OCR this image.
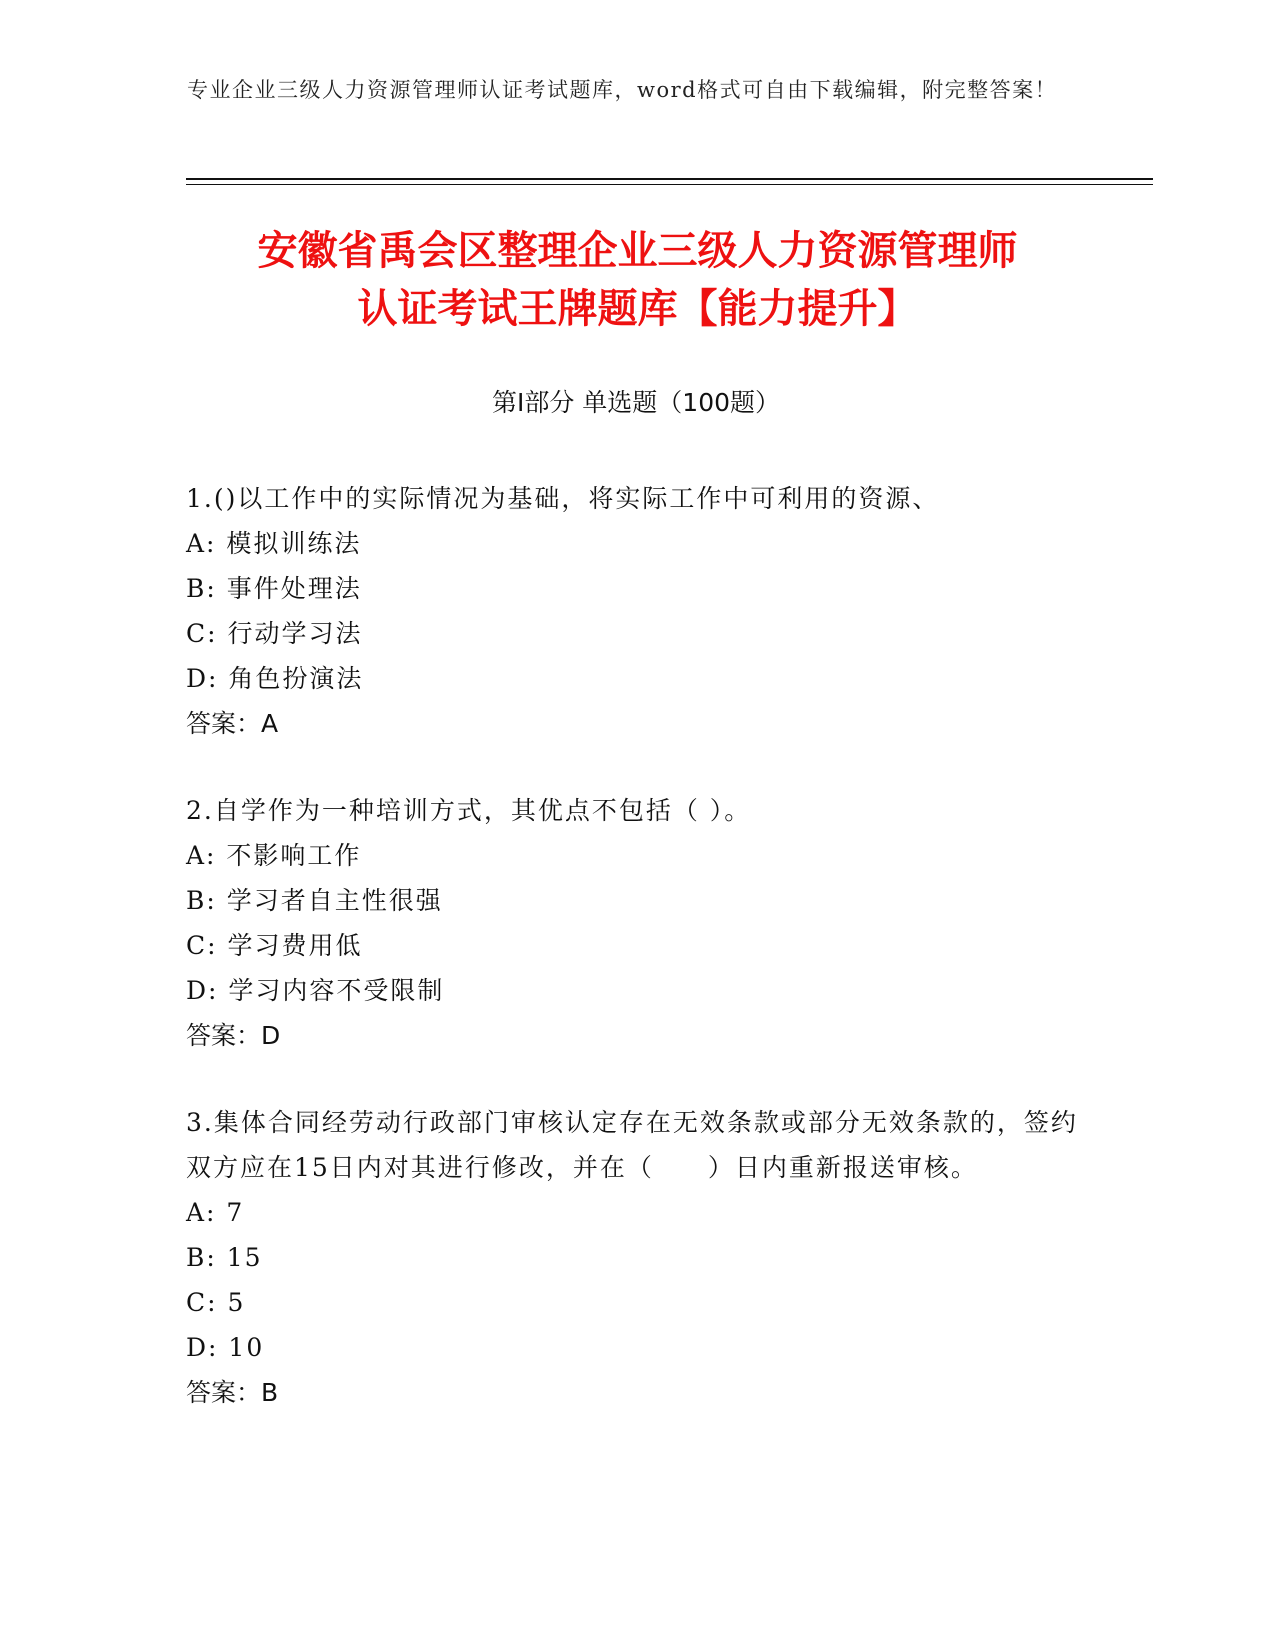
专业企业三级人力资源管理师认证考试题库，word格式可自由下载编辑，附完整答案！
安徽省禹会区整理企业三级人力资源管理师
认证考试王牌题库【能力提升】
第Ⅰ部分 单选题（100题）

1.()以工作中的实际情况为基础，将实际工作中可利用的资源、

A: 模拟训练法

B: 事件处理法

C: 行动学习法

D: 角色扮演法

答案：A

2.自学作为一种培训方式，其优点不包括（ ）。

A: 不影响工作

B: 学习者自主性很强

C: 学习费用低

D: 学习内容不受限制

答案：D

3.集体合同经劳动行政部门审核认定存在无效条款或部分无效条款的，签约双方应在15日内对其进行修改，并在（　　）日内重新报送审核。

A: 7

B: 15

C: 5

D: 10

答案：B
